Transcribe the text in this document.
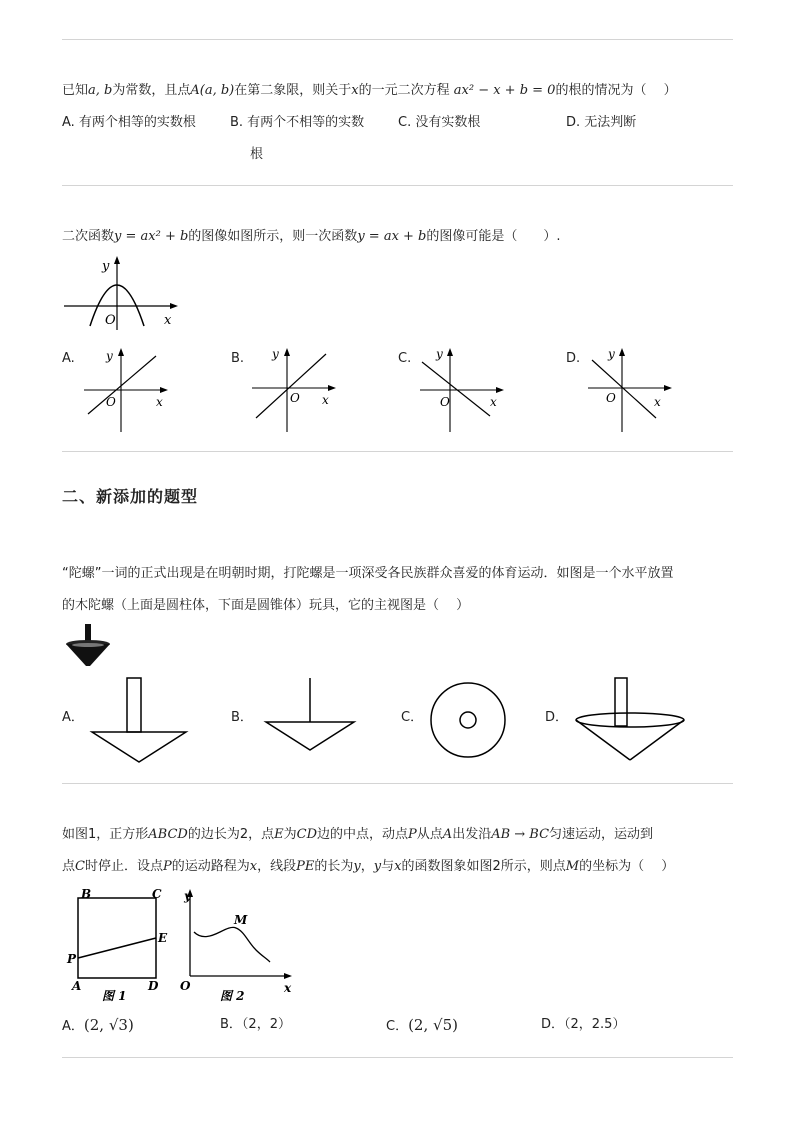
已知a, b为常数，且点A(a, b)在第二象限，则关于x的一元二次方程 ax² − x + b = 0的根的情况为（　 ）
A. 有两个相等的实数根	B. 有两个不相等的实数
根
C. 没有实数根	D. 无法判断
二次函数y = ax² + b的图像如图所示，则一次函数y = ax + b的图像可能是（　　）.
y
O	x
A.	B.	C.	D.
y
O	x
y
O x
y
O	x
y
O	x
二、新添加的题型
“陀螺”一词的正式出现是在明朝时期，打陀螺是一项深受各民族群众喜爱的体育运动．如图是一个水平放置
的木陀螺（上面是圆柱体，下面是圆锥体）玩具，它的主视图是（　 ）
A．	B．	C．	D．
如图1，正方形ABCD的边长为2，点E为CD边的中点，动点P从点A出发沿AB → BC匀速运动，运动到
点C时停止．设点P的运动路程为x，线段PE的长为y，y与x的函数图象如图2所示，则点M的坐标为（　 ）
B	C
E
P
A	D
图 1
y
M
O	x
图 2
A．(2, √3)	B．（2，2）	C．(2, √5)	D．（2，2.5）
